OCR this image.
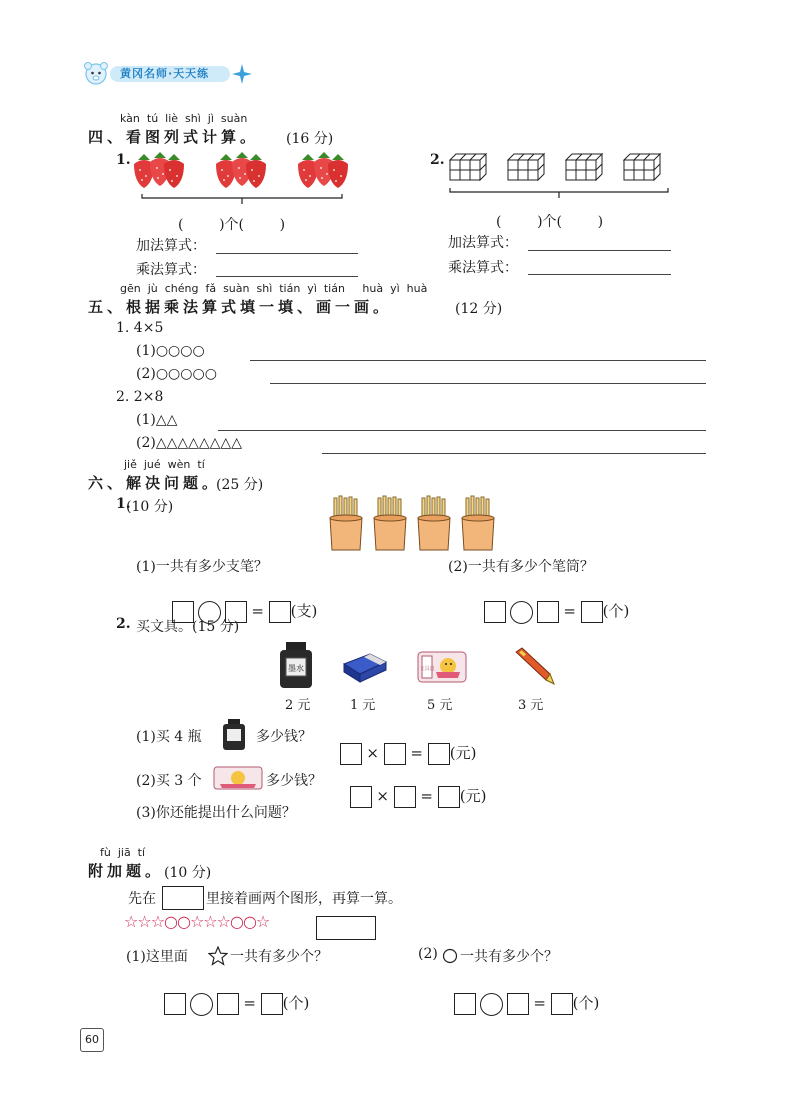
黄冈名师·天天练
kàn  tú  liè  shì  jì  suàn
四、看图列式计算。 (16 分)
1.
(        )个(        )
加法算式：
乘法算式：
2.
(        )个(        )
加法算式：
乘法算式：
gēn  jù  chéng  fǎ  suàn  shì  tián  yì  tián     huà  yì  huà
五、根据乘法算式填一填、画一画。	(12 分)
1. 4×5
(1)○○○○
(2)○○○○○
2. 2×8
(1)△△
(2)△△△△△△△△
jiě  jué  wèn  tí
六、解决问题。
(25 分)
1.
(10 分)
(1)一共有多少支笔？

= (支)

(2)一共有多少个笔筒？

= (个)

2. 买文具。(15 分)
墨水	文具盒
2 元	1 元	5 元	3 元
(1)买 4 瓶	多少钱？

×  = (元)

(2)买 3 个	多少钱？

×  = (元)

(3)你还能提出什么问题？
fù  jiā  tí
附加题。 (10 分)
先在	里接着画两个图形，再算一算。
☆☆☆○○☆☆☆○○☆
(1)这里面	一共有多少个？

= (个)

(2) 一共有多少个？

= (个)

60
